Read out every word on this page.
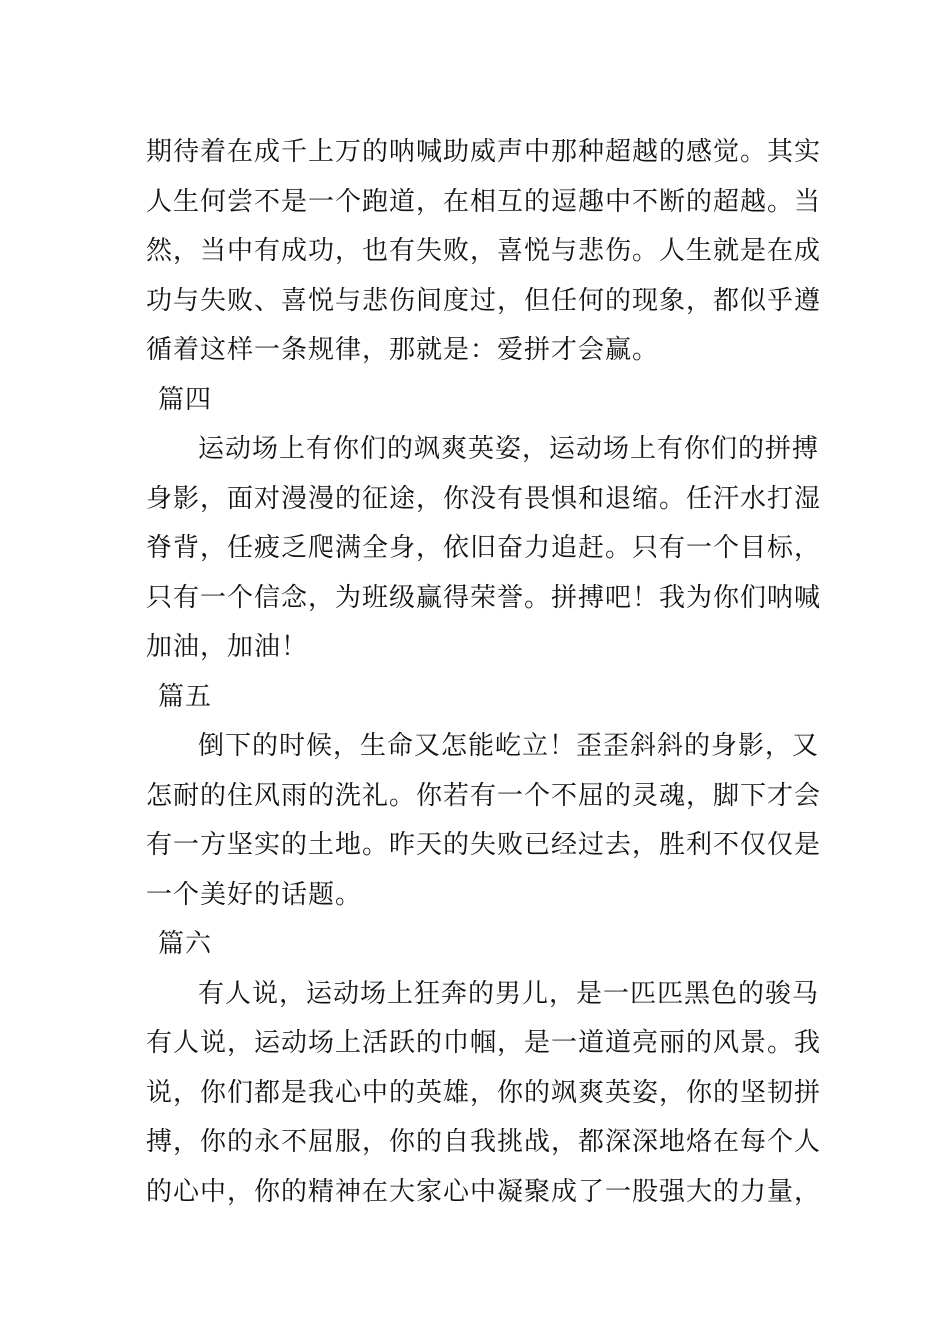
期待着在成千上万的呐喊助威声中那种超越的感觉。其实
人生何尝不是一个跑道，在相互的逗趣中不断的超越。当
然，当中有成功，也有失败，喜悦与悲伤。人生就是在成
功与失败、喜悦与悲伤间度过，但任何的现象，都似乎遵
循着这样一条规律，那就是：爱拼才会赢。
篇四
运动场上有你们的飒爽英姿，运动场上有你们的拼搏
身影，面对漫漫的征途，你没有畏惧和退缩。任汗水打湿
脊背，任疲乏爬满全身，依旧奋力追赶。只有一个目标，
只有一个信念，为班级赢得荣誉。拼搏吧！我为你们呐喊
加油，加油！
篇五
倒下的时候，生命又怎能屹立！歪歪斜斜的身影，又
怎耐的住风雨的洗礼。你若有一个不屈的灵魂，脚下才会
有一方坚实的土地。昨天的失败已经过去，胜利不仅仅是
一个美好的话题。
篇六
有人说，运动场上狂奔的男儿，是一匹匹黑色的骏马
有人说，运动场上活跃的巾帼，是一道道亮丽的风景。我
说，你们都是我心中的英雄，你的飒爽英姿，你的坚韧拼
搏，你的永不屈服，你的自我挑战，都深深地烙在每个人
的心中，你的精神在大家心中凝聚成了一股强大的力量，
